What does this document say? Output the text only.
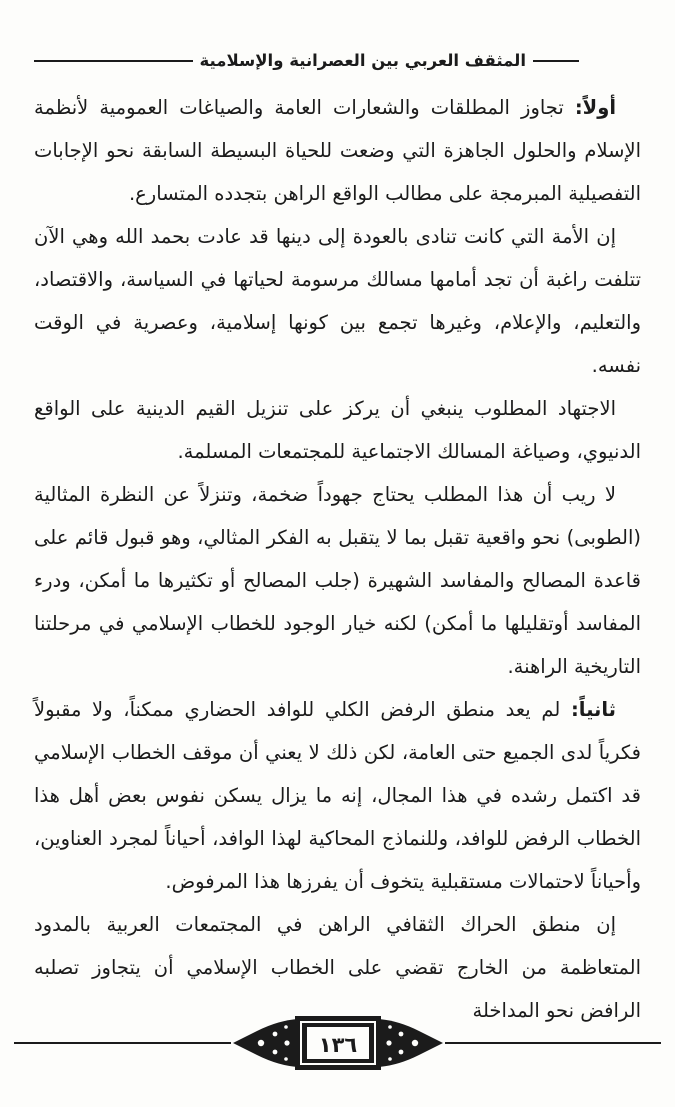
المثقف العربي بين العصرانية والإسلامية

أولاً: تجاوز المطلقات والشعارات العامة والصياغات العمومية لأنظمة الإسلام والحلول الجاهزة التي وضعت للحياة البسيطة السابقة نحو الإجابات التفصيلية المبرمجة على مطالب الواقع الراهن بتجدده المتسارع.

إن الأمة التي كانت تنادى بالعودة إلى دينها قد عادت بحمد الله وهي الآن تتلفت راغبة أن تجد أمامها مسالك مرسومة لحياتها في السياسة، والاقتصاد، والتعليم، والإعلام، وغيرها تجمع بين كونها إسلامية، وعصرية في الوقت نفسه.

الاجتهاد المطلوب ينبغي أن يركز على تنزيل القيم الدينية على الواقع الدنيوي، وصياغة المسالك الاجتماعية للمجتمعات المسلمة.

لا ريب أن هذا المطلب يحتاج جهوداً ضخمة، وتنزلاً عن النظرة المثالية (الطوبى) نحو واقعية تقبل بما لا يتقبل به الفكر المثالي، وهو قبول قائم على قاعدة المصالح والمفاسد الشهيرة (جلب المصالح أو تكثيرها ما أمكن، ودرء المفاسد أوتقليلها ما أمكن) لكنه خيار الوجود للخطاب الإسلامي في مرحلتنا التاريخية الراهنة.

ثانياً: لم يعد منطق الرفض الكلي للوافد الحضاري ممكناً، ولا مقبولاً فكرياً لدى الجميع حتى العامة، لكن ذلك لا يعني أن موقف الخطاب الإسلامي قد اكتمل رشده في هذا المجال، إنه ما يزال يسكن نفوس بعض أهل هذا الخطاب الرفض للوافد، وللنماذج المحاكية لهذا الوافد، أحياناً لمجرد العناوين، وأحياناً لاحتمالات مستقبلية يتخوف أن يفرزها هذا المرفوض.

إن منطق الحراك الثقافي الراهن في المجتمعات العربية بالمدود المتعاظمة من الخارج تقضي على الخطاب الإسلامي أن يتجاوز تصلبه الرافض نحو المداخلة

١٣٦
